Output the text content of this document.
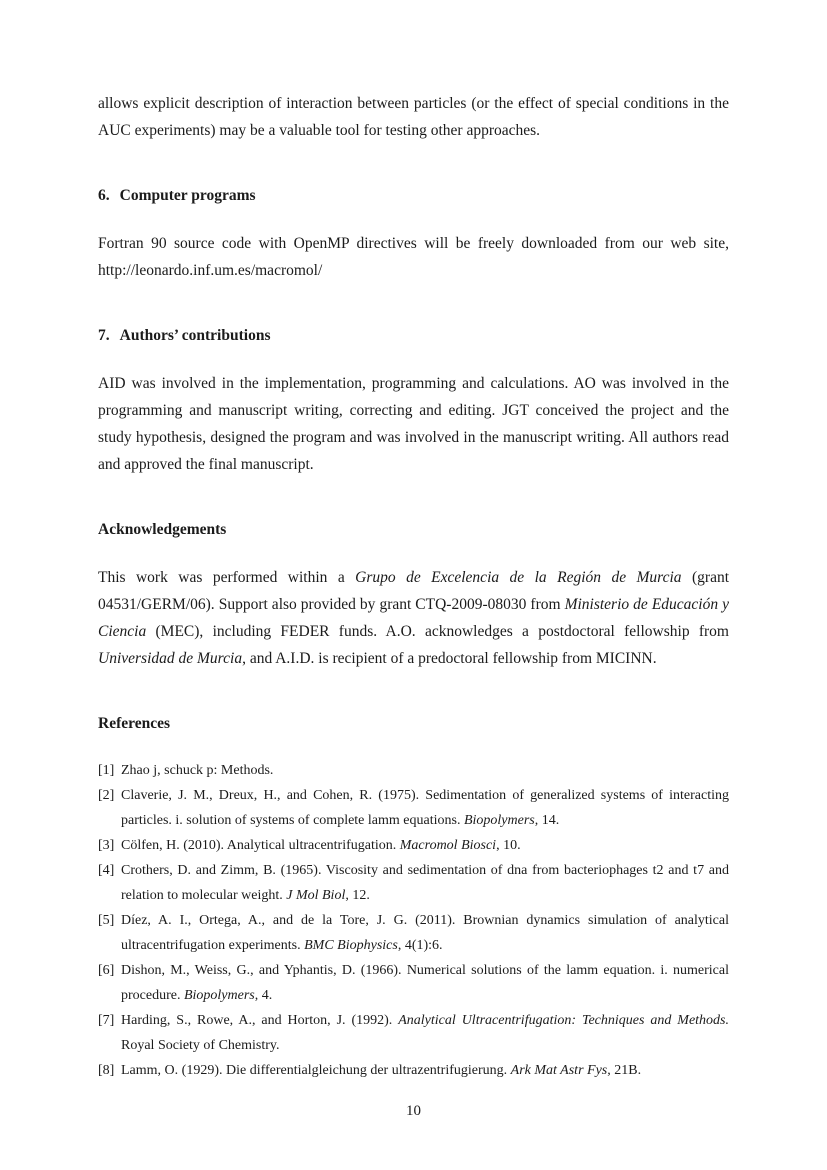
allows explicit description of interaction between particles (or the effect of special conditions in the AUC experiments) may be a valuable tool for testing other approaches.

6. Computer programs

Fortran 90 source code with OpenMP directives will be freely downloaded from our web site, http://leonardo.inf.um.es/macromol/

7. Authors’ contributions

AID was involved in the implementation, programming and calculations. AO was involved in the programming and manuscript writing, correcting and editing. JGT conceived the project and the study hypothesis, designed the program and was involved in the manuscript writing. All authors read and approved the final manuscript.

Acknowledgements

This work was performed within a Grupo de Excelencia de la Región de Murcia (grant 04531/GERM/06). Support also provided by grant CTQ-2009-08030 from Ministerio de Educación y Ciencia (MEC), including FEDER funds. A.O. acknowledges a postdoctoral fellowship from Universidad de Murcia, and A.I.D. is recipient of a predoctoral fellowship from MICINN.

References
[1] Zhao j, schuck p: Methods.
[2] Claverie, J. M., Dreux, H., and Cohen, R. (1975). Sedimentation of generalized systems of interacting particles. i. solution of systems of complete lamm equations. Biopolymers, 14.
[3] Cölfen, H. (2010). Analytical ultracentrifugation. Macromol Biosci, 10.
[4] Crothers, D. and Zimm, B. (1965). Viscosity and sedimentation of dna from bacteriophages t2 and t7 and relation to molecular weight. J Mol Biol, 12.
[5] Díez, A. I., Ortega, A., and de la Tore, J. G. (2011). Brownian dynamics simulation of analytical ultracentrifugation experiments. BMC Biophysics, 4(1):6.
[6] Dishon, M., Weiss, G., and Yphantis, D. (1966). Numerical solutions of the lamm equation. i. numerical procedure. Biopolymers, 4.
[7] Harding, S., Rowe, A., and Horton, J. (1992). Analytical Ultracentrifugation: Techniques and Methods. Royal Society of Chemistry.
[8] Lamm, O. (1929). Die differentialgleichung der ultrazentrifugierung. Ark Mat Astr Fys, 21B.
10
